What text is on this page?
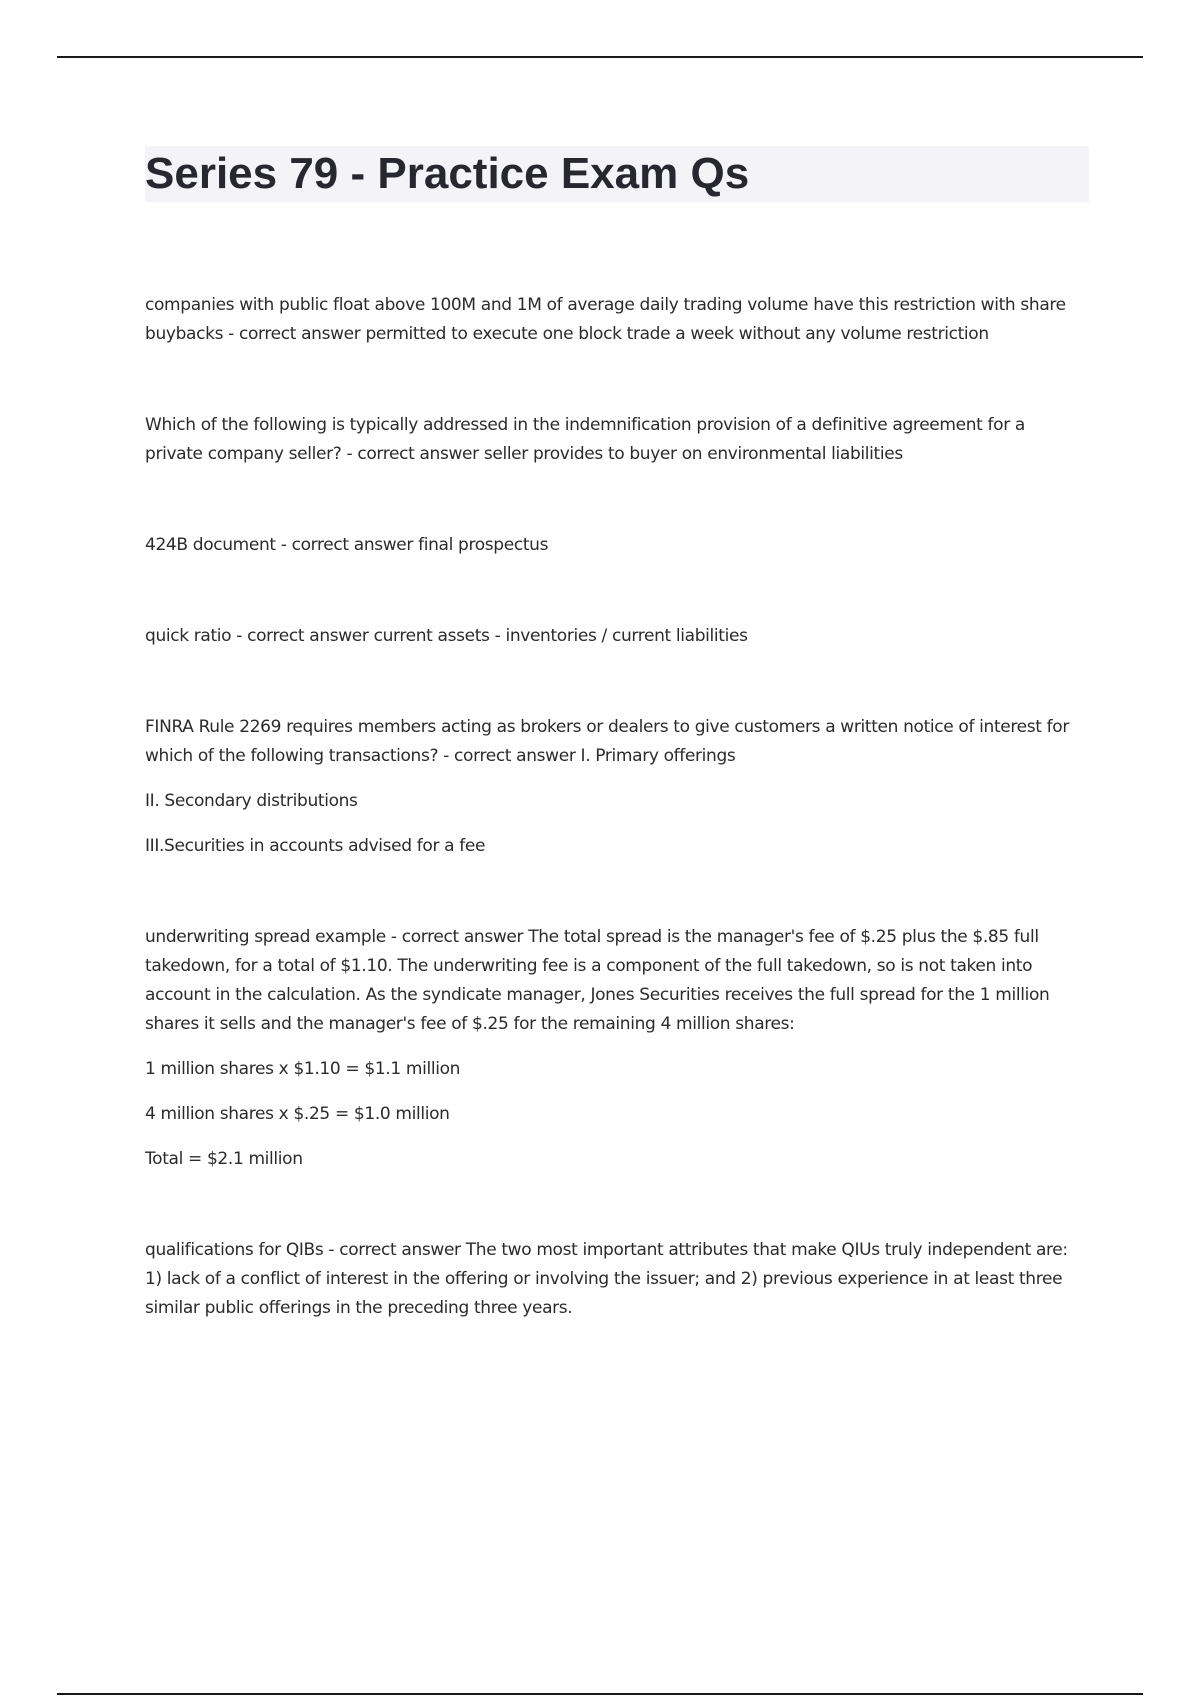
Series 79 - Practice Exam Qs

companies with public float above 100M and 1M of average daily trading volume have this restriction with share buybacks - correct answer permitted to execute one block trade a week without any volume restriction

Which of the following is typically addressed in the indemnification provision of a definitive agreement for a private company seller? - correct answer seller provides to buyer on environmental liabilities

424B document - correct answer final prospectus

quick ratio - correct answer current assets - inventories / current liabilities

FINRA Rule 2269 requires members acting as brokers or dealers to give customers a written notice of interest for which of the following transactions? - correct answer I. Primary offerings

II. Secondary distributions

III.Securities in accounts advised for a fee

underwriting spread example - correct answer The total spread is the manager's fee of $.25 plus the $.85 full takedown, for a total of $1.10. The underwriting fee is a component of the full takedown, so is not taken into account in the calculation. As the syndicate manager, Jones Securities receives the full spread for the 1 million shares it sells and the manager's fee of $.25 for the remaining 4 million shares:

1 million shares x $1.10 = $1.1 million

4 million shares x $.25 = $1.0 million

Total = $2.1 million

qualifications for QIBs - correct answer The two most important attributes that make QIUs truly independent are: 1) lack of a conflict of interest in the offering or involving the issuer; and 2) previous experience in at least three similar public offerings in the preceding three years.
